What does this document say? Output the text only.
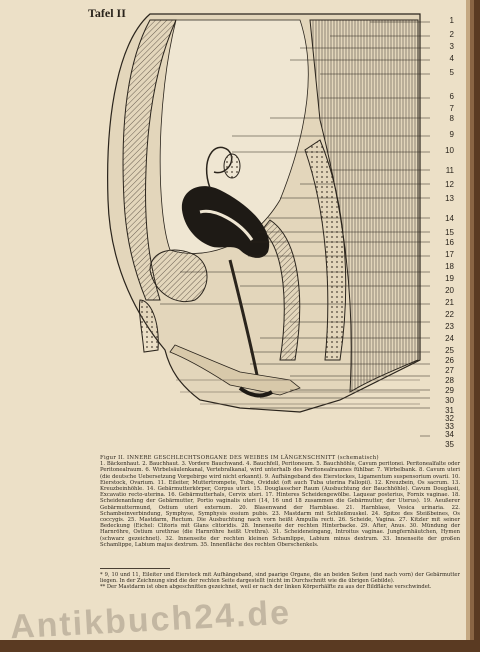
Tafel II
1
2
3
4
5
6
7
8
9
10
11
12
13
14
15
16
17
18
19
20
21
22
23
24
25
26
27
28
29
30
31
32
33
34
35
Figur II. INNERE GESCHLECHTSORGANE DES WEIBES IM LÄNGENSCHNITT (schematisch)
1. Bäckenhaut. 2. Bauchhaut. 3. Vordere Bauchwand. 4. Bauchfell, Peritoneum. 5. Bauchhöhle, Cavum peritonei. Peritonealfalte oder Peritonealraum. 6. Wirbelsäulenkanal, Vertebralkanal, wird unterhalb des Peritonealraumes fühlbar. 7. Wirbelbank. 8. Cavum uteri (die deutsche Uebersetzung Vorgebirge wird nicht erkannt). 9. Aufhängeband des Eierstockes, Ligamentum suspensorium ovarii. 10. Eierstock, Ovarium. 11. Eileiter, Muttertrompete, Tube, Ovidukt (oft auch Tuba uterina Fallopii). 12. Kreuzbein, Os sacrum. 13. Kreuzbeinhöhle. 14. Gebärmutterkörper, Corpus uteri. 15. Douglasscher Raum (Ausbuchtung der Bauchhöhle). Cavum Douglasii, Excavatio recto-uterina. 16. Gebärmutterhals, Cervix uteri. 17. Hinteres Scheidengewölbe. Laquear posterius, Fornix vaginae. 18. Scheidenanfang der Gebärmutter, Portio vaginalis uteri (14, 16 und 18 zusammen die Gebärmutter, der Uterus). 19. Aeußerer Gebärmuttermund, Ostium uteri externum. 20. Blasenwand der Harnblase. 21. Harnblase, Vesica urinaria. 22. Schambeinverbindung, Symphyse, Symphysis ossium pubis. 23. Mastdarm mit Schließmuskel. 24. Spitze des Steißbeines, Os coccygis. 25. Mastdarm, Rectum. Die Ausbuchtung nach vorn heißt Ampulla recti. 26. Scheide, Vagina. 27. Kitzler mit seiner Bedeckung (Eichel: Clitoris mit Glans clitoridis. 28. Innenseite der rechten Hinterbacke. 29. After, Anus. 30. Mündung der Harnröhre, Ostium urethrae (die Harnröhre heißt Urethra). 31. Scheideneingang, Introitus vaginae. Jungfernhäutchen, Hymen (schwarz gezeichnet). 32. Innenseite der rechten kleinen Schamlippe, Labium minus dextrum. 33. Innenseite der großen Schamlippe, Labium majus dextrum. 35. Innenfläche des rechten Oberschenkels.
* 9, 10 und 11, Eileiter und Eierstock mit Aufhängeband, sind paarige Organe, die an beiden Seiten (und nach vorn) der Gebärmutter liegen. In der Zeichnung sind die der rechten Seite dargestellt (nicht im Durchschnitt wie die übrigen Gebilde).
** Der Mastdarm ist oben abgeschnitten gezeichnet, weil er nach der linken Körperhälfte zu aus der Bildfläche verschwindet.
Antikbuch24.de
